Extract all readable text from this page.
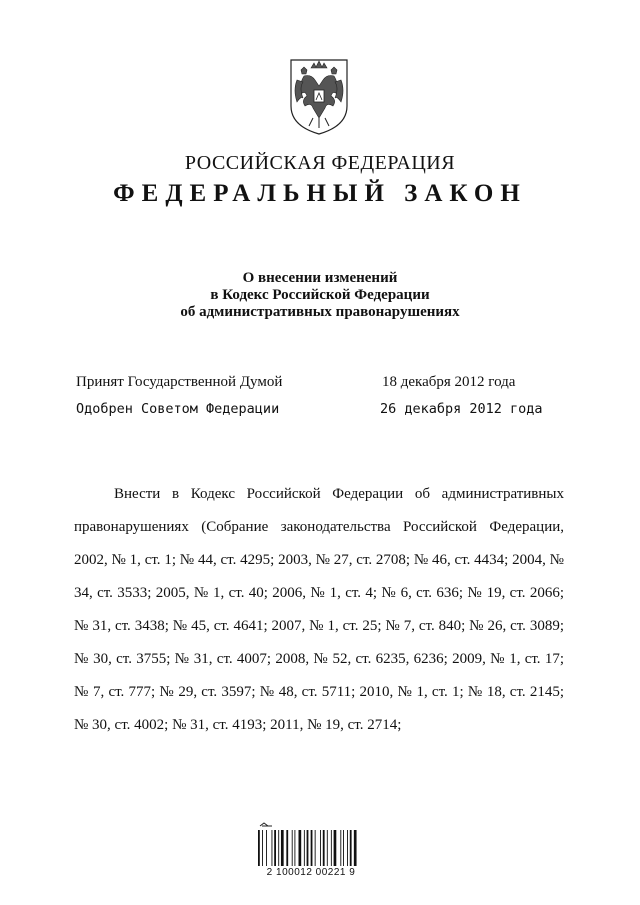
РОССИЙСКАЯ ФЕДЕРАЦИЯ
ФЕДЕРАЛЬНЫЙ ЗАКОН
О внесении изменений
в Кодекс Российской Федерации
об административных правонарушениях
Принят Государственной Думой	18 декабря 2012 года
Одобрен Советом Федерации	26 декабря 2012 года

Внести в Кодекс Российской Федерации об административных правонарушениях (Собрание законодательства Российской Федерации, 2002, № 1, ст. 1; № 44, ст. 4295; 2003, № 27, ст. 2708; № 46, ст. 4434; 2004, № 34, ст. 3533; 2005, № 1, ст. 40; 2006, № 1, ст. 4; № 6, ст. 636; № 19, ст. 2066; № 31, ст. 3438; № 45, ст. 4641; 2007, № 1, ст. 25; № 7, ст. 840; № 26, ст. 3089; № 30, ст. 3755; № 31, ст. 4007; 2008, № 52, ст. 6235, 6236; 2009, № 1, ст. 17; № 7, ст. 777; № 29, ст. 3597; № 48, ст. 5711; 2010, № 1, ст. 1; № 18, ст. 2145; № 30, ст. 4002; № 31, ст. 4193; 2011, № 19, ст. 2714;

2 100012 00221 9
